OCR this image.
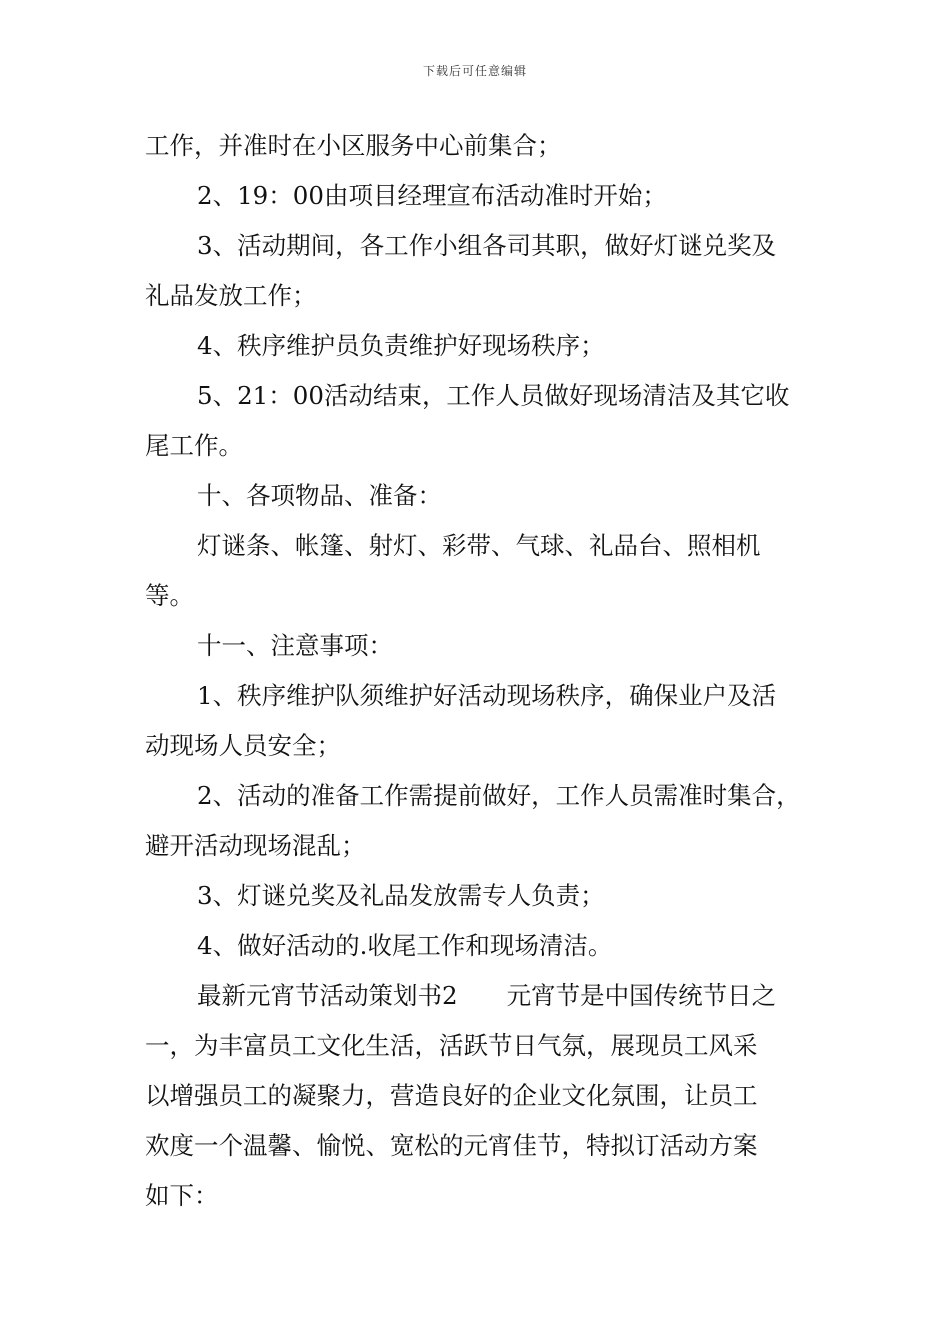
下载后可任意编辑
工作，并准时在小区服务中心前集合；
2、19：00由项目经理宣布活动准时开始；
3、活动期间，各工作小组各司其职，做好灯谜兑奖及
礼品发放工作；
4、秩序维护员负责维护好现场秩序；
5、21：00活动结束，工作人员做好现场清洁及其它收
尾工作。
十、各项物品、准备：
灯谜条、帐篷、射灯、彩带、气球、礼品台、照相机
等。
十一、注意事项：
1、秩序维护队须维护好活动现场秩序，确保业户及活
动现场人员安全；
2、活动的准备工作需提前做好，工作人员需准时集合，
避开活动现场混乱；
3、灯谜兑奖及礼品发放需专人负责；
4、做好活动的.收尾工作和现场清洁。
最新元宵节活动策划书2　　元宵节是中国传统节日之
一，为丰富员工文化生活，活跃节日气氛，展现员工风采
以增强员工的凝聚力，营造良好的企业文化氛围，让员工
欢度一个温馨、愉悦、宽松的元宵佳节，特拟订活动方案
如下：
